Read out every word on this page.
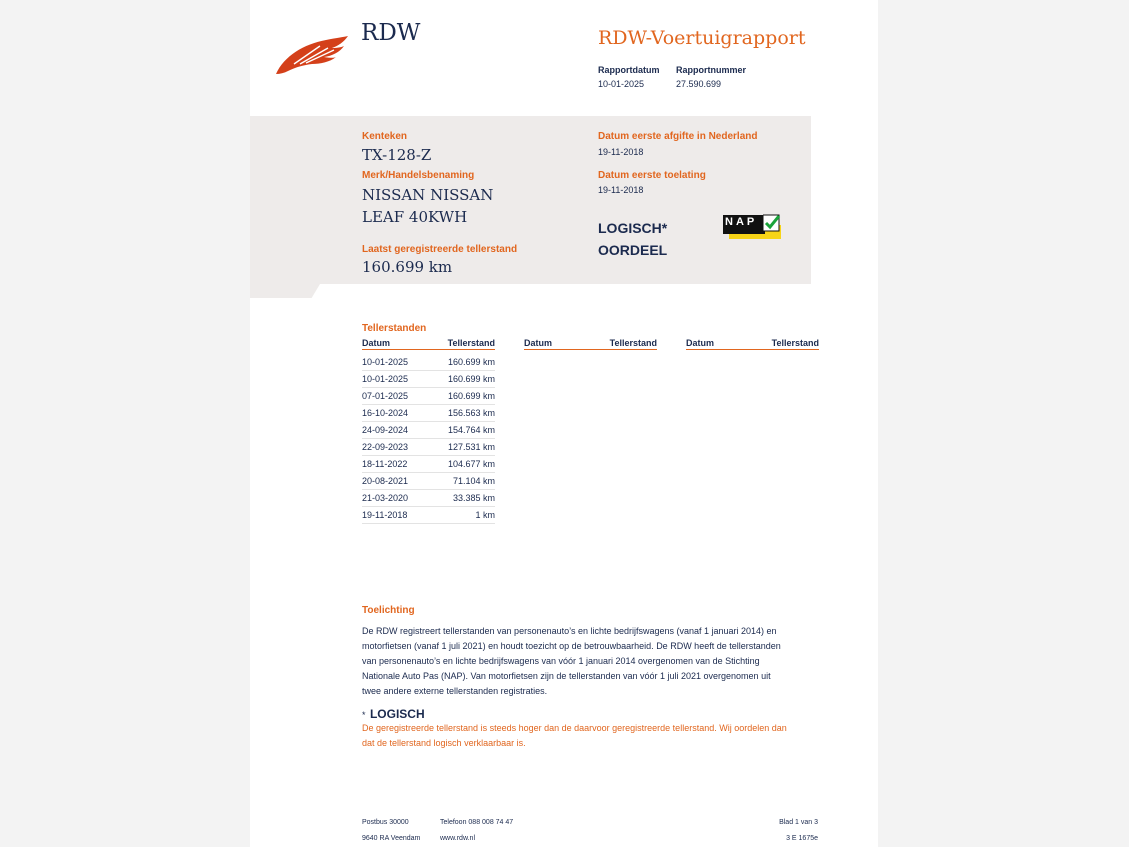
RDW	RDW-Voertuigrapport
Rapportdatum
10-01-2025
Rapportnummer
27.590.699
Kenteken
TX-128-Z
Merk/Handelsbenaming
NISSAN NISSAN
LEAF 40KWH
Laatst geregistreerde tellerstand
160.699 km
Datum eerste afgifte in Nederland
19-11-2018
Datum eerste toelating
19-11-2018
LOGISCH*
OORDEEL
NAP
Tellerstanden
Datum	Tellerstand	Datum	Tellerstand	Datum	Tellerstand
10-01-2025	160.699 km
10-01-2025	160.699 km
07-01-2025	160.699 km
16-10-2024	156.563 km
24-09-2024	154.764 km
22-09-2023	127.531 km
18-11-2022	104.677 km
20-08-2021	71.104 km
21-03-2020	33.385 km
19-11-2018	1 km
Toelichting
De RDW registreert tellerstanden van personenauto’s en lichte bedrijfswagens (vanaf 1 januari 2014) en
motorfietsen (vanaf 1 juli 2021) en houdt toezicht op de betrouwbaarheid. De RDW heeft de tellerstanden
van personenauto’s en lichte bedrijfswagens van vóór 1 januari 2014 overgenomen van de Stichting
Nationale Auto Pas (NAP). Van motorfietsen zijn de tellerstanden van vóór 1 juli 2021 overgenomen uit
twee andere externe tellerstanden registraties.
* LOGISCH
De geregistreerde tellerstand is steeds hoger dan de daarvoor geregistreerde tellerstand. Wij oordelen dan
dat de tellerstand logisch verklaarbaar is.
Postbus 30000
9640 RA Veendam
Telefoon 088 008 74 47
www.rdw.nl
Blad 1 van 3
3 E 1675e
